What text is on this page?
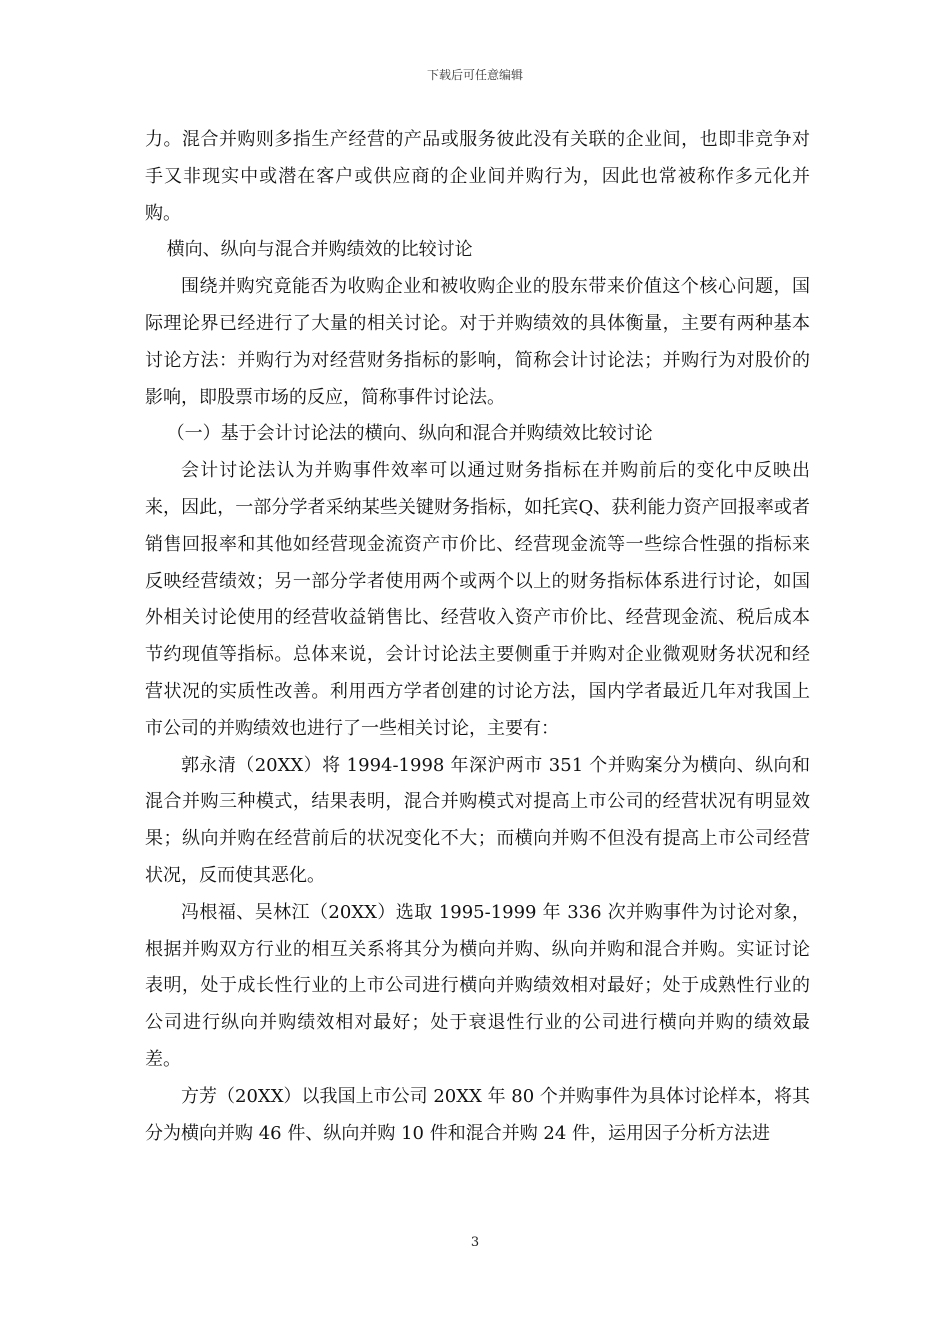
下载后可任意编辑

力。混合并购则多指生产经营的产品或服务彼此没有关联的企业间，也即非竞争对手又非现实中或潜在客户或供应商的企业间并购行为，因此也常被称作多元化并购。

横向、纵向与混合并购绩效的比较讨论

围绕并购究竟能否为收购企业和被收购企业的股东带来价值这个核心问题，国际理论界已经进行了大量的相关讨论。对于并购绩效的具体衡量，主要有两种基本讨论方法：并购行为对经营财务指标的影响，简称会计讨论法；并购行为对股价的影响，即股票市场的反应，简称事件讨论法。

（一）基于会计讨论法的横向、纵向和混合并购绩效比较讨论

会计讨论法认为并购事件效率可以通过财务指标在并购前后的变化中反映出来，因此，一部分学者采纳某些关键财务指标，如托宾Q、获利能力资产回报率或者销售回报率和其他如经营现金流资产市价比、经营现金流等一些综合性强的指标来反映经营绩效；另一部分学者使用两个或两个以上的财务指标体系进行讨论，如国外相关讨论使用的经营收益销售比、经营收入资产市价比、经营现金流、税后成本节约现值等指标。总体来说，会计讨论法主要侧重于并购对企业微观财务状况和经营状况的实质性改善。利用西方学者创建的讨论方法，国内学者最近几年对我国上市公司的并购绩效也进行了一些相关讨论，主要有：

郭永清（20XX）将 1994-1998 年深沪两市 351 个并购案分为横向、纵向和混合并购三种模式，结果表明，混合并购模式对提高上市公司的经营状况有明显效果；纵向并购在经营前后的状况变化不大；而横向并购不但没有提高上市公司经营状况，反而使其恶化。

冯根福、吴林江（20XX）选取 1995-1999 年 336 次并购事件为讨论对象，根据并购双方行业的相互关系将其分为横向并购、纵向并购和混合并购。实证讨论表明，处于成长性行业的上市公司进行横向并购绩效相对最好；处于成熟性行业的公司进行纵向并购绩效相对最好；处于衰退性行业的公司进行横向并购的绩效最差。

方芳（20XX）以我国上市公司 20XX 年 80 个并购事件为具体讨论样本，将其分为横向并购 46 件、纵向并购 10 件和混合并购 24 件，运用因子分析方法进

3
